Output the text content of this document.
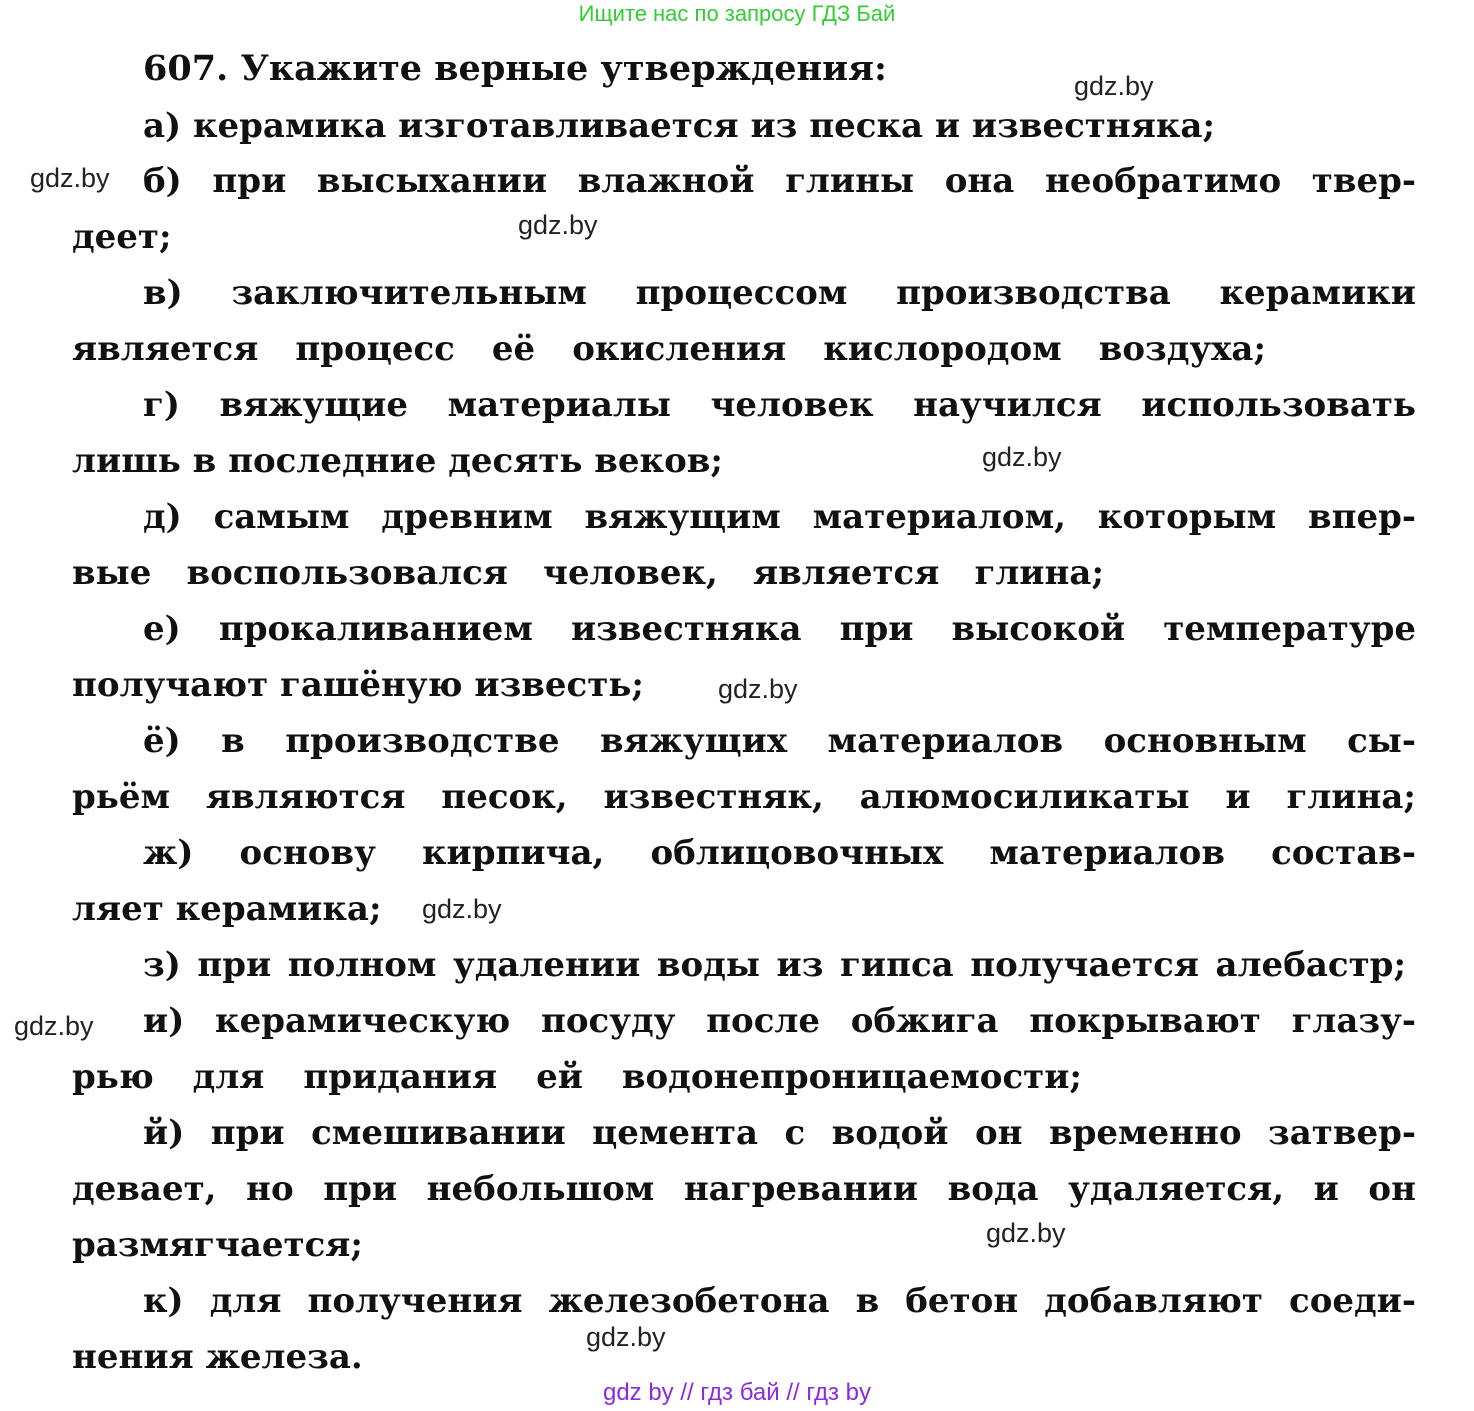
Ищите нас по запросу ГДЗ Бай
607. Укажите верные утверждения:
а) керамика изготавливается из песка и известняка;
б) при высыхании влажной глины она необратимо твер-
деет;
в) заключительным процессом производства керамики
является процесс её окисления кислородом воздуха;
г) вяжущие материалы человек научился использовать
лишь в последние десять веков;
д) самым древним вяжущим материалом, которым впер-
вые воспользовался человек, является глина;
е) прокаливанием известняка при высокой температуре
получают гашёную известь;
ё) в производстве вяжущих материалов основным сы-
рьём являются песок, известняк, алюмосиликаты и глина;
ж) основу кирпича, облицовочных материалов состав-
ляет керамика;
з) при полном удалении воды из гипса получается алебастр;
и) керамическую посуду после обжига покрывают глазу-
рью для придания ей водонепроницаемости;
й) при смешивании цемента с водой он временно затвер-
девает, но при небольшом нагревании вода удаляется, и он
размягчается;
к) для получения железобетона в бетон добавляют соеди-
нения железа.
gdz.by
gdz.by
gdz.by
gdz.by
gdz.by
gdz.by
gdz.by
gdz.by
gdz.by
gdz by // гдз бай // гдз by
